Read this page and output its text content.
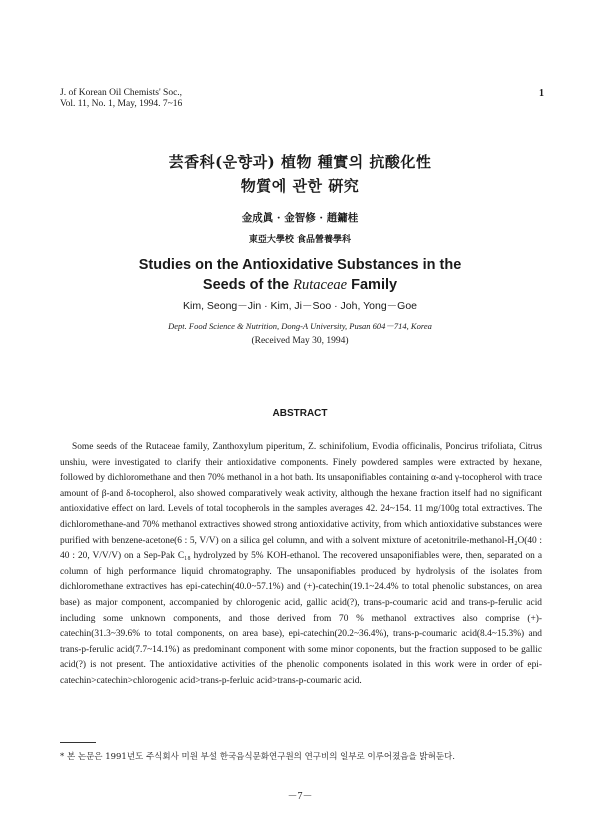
J. of Korean Oil Chemists' Soc.,
Vol. 11, No. 1, May, 1994. 7~16
1
芸香科(운향과) 植物 種實의 抗酸化性
物質에 관한 硏究
金成眞 · 金智修 · 趙鏞桂
東亞大學校 食品營養學科
Studies on the Antioxidative Substances in the
Seeds of the Rutaceae Family
Kim, Seong－Jin · Kim, Ji－Soo · Joh, Yong－Goe
Dept. Food Science & Nutrition, Dong-A University, Pusan 604－714, Korea
(Received May 30, 1994)
ABSTRACT

Some seeds of the Rutaceae family, Zanthoxylum piperitum, Z. schinifolium, Evodia officinalis, Poncirus trifoliata, Citrus unshiu, were investigated to clarify their antioxidative components. Finely powdered samples were extracted by hexane, followed by dichloromethane and then 70% methanol in a hot bath. Its unsaponifiables containing α-and γ-tocopherol with trace amount of β-and δ-tocopherol, also showed comparatively weak activity, although the hexane fraction itself had no significant antioxidative effect on lard. Levels of total tocopherols in the samples averages 42. 24~154. 11 mg/100g total extractives. The dichloromethane-and 70% methanol extractives showed strong antioxidative activity, from which antioxidative substances were purified with benzene-acetone(6 : 5, V/V) on a silica gel column, and with a solvent mixture of acetonitrile-methanol-H₂O(40 : 40 : 20, V/V/V) on a Sep-Pak C₁₈ hydrolyzed by 5% KOH-ethanol. The recovered unsaponifiables were, then, separated on a column of high performance liquid chromatography. The unsaponifiables produced by hydrolysis of the isolates from dichloromethane extractives has epi-catechin(40.0~57.1%) and (+)-catechin(19.1~24.4% to total phenolic substances, on area base) as major component, accompanied by chlorogenic acid, gallic acid(?), trans-p-coumaric acid and trans-p-ferulic acid including some unknown components, and those derived from 70 % methanol extractives also comprise (+)-catechin(31.3~39.6% to total components, on area base), epi-catechin(20.2~36.4%), trans-p-coumaric acid(8.4~15.3%) and trans-p-ferulic acid(7.7~14.1%) as predominant component with some minor coponents, but the fraction supposed to be gallic acid(?) is not present. The antioxidative activities of the phenolic components isolated in this work were in order of epi-catechin>catechin>chlorogenic acid>trans-p-ferluic acid>trans-p-coumaric acid.

* 본 논문은 1991년도 주식회사 미원 부설 한국음식문화연구원의 연구비의 일부로 이루어졌음을 밝혀둔다.
－7－
